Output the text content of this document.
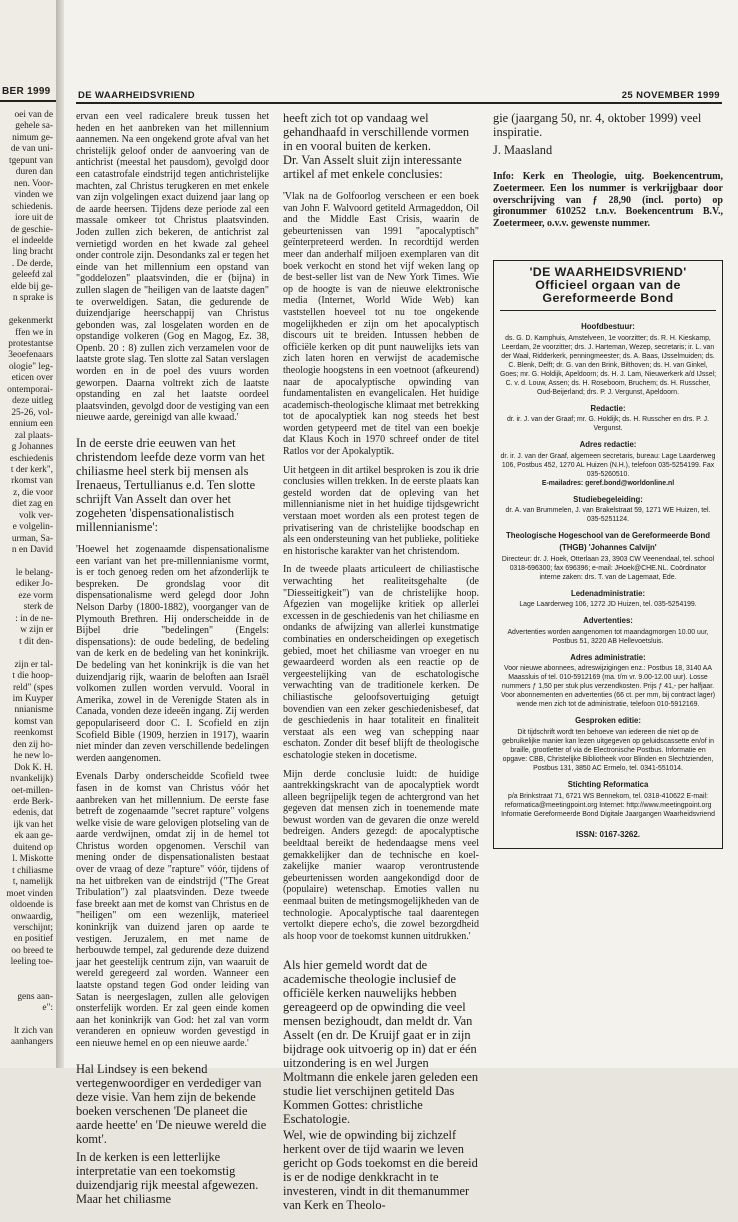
BER 1999
oei van de
gehele sa-
nimum ge-
de van uni-
tgepunt van
duren dan
nen. Voor-
vinden we
schiedenis.
iore uit de
de geschie-
el indeelde
ling bracht
. De derde,
geleefd zal
elde bij ge-
n sprake is
gekenmerkt
ffen we in
protestantse
3eoefenaars
ologie" leg-
eticen over
ontemporai-
deze uitleg
25-26, vol-
ennium een
zal plaats-
g Johannes
eschiedenis
t der kerk",
rkomst van
z, die voor
diet zag en
volk ver-
e volgelin-
urman, Sa-
n en David
le belang-
ediker Jo-
eze vorm
sterk de
: in de ne-
w zijn er
t dit den-
zijn er tal-
t die hoop-
reld" (spes
im Kuyper
nnianisme
komst van
reenkomst
den zij ho-
he new lo-
Dok K. H.
nvankelijk)
oet-millen-
erde Berk-
edenis, dat
ijk van het
ek aan ge-
duitend op
l. Miskotte
t chiliasme
t, namelijk
moet vinden
oldoende is
onwaardig,
verschijnt;
en positief
oo breed te
leeling toe-
gens aan-
e":
lt zich van
aanhangers
DE WAARHEIDSVRIEND	25 NOVEMBER 1999

ervan een veel radicalere breuk tussen het heden en het aanbreken van het millennium aannemen. Na een ongekend grote afval van het christelijk geloof onder de aanvoering van de antichrist (meestal het pausdom), gevolgd door een catastrofale eindstrijd tegen antichristelijke machten, zal Christus terugkeren en met enkele van zijn volgelingen exact duizend jaar lang op de aarde heersen. Tijdens deze periode zal een massale omkeer tot Christus plaatsvinden. Joden zullen zich bekeren, de antichrist zal vernietigd worden en het kwade zal geheel onder controle zijn. Desondanks zal er tegen het einde van het millennium een opstand van "goddelozen" plaatsvinden, die er (bijna) in zullen slagen de "heiligen van de laatste dagen" te overweldigen. Satan, die gedurende de duizendjarige heerschappij van Christus gebonden was, zal losgelaten worden en de opstandige volkeren (Gog en Magog, Ez. 38, Openb. 20 : 8) zullen zich verzamelen voor de laatste grote slag. Ten slotte zal Satan verslagen worden en in de poel des vuurs worden geworpen. Daarna voltrekt zich de laatste opstanding en zal het laatste oordeel plaatsvinden, gevolgd door de vestiging van een nieuwe aarde, gereinigd van alle kwaad.'

In de eerste drie eeuwen van het christendom leefde deze vorm van het chiliasme heel sterk bij mensen als Irenaeus, Tertullianus e.d. Ten slotte schrijft Van Asselt dan over het zogeheten 'dispensationalistisch millennianisme':

'Hoewel het zogenaamde dispensationalisme een variant van het pre-millennianisme vormt, is er toch genoeg reden om het afzonderlijk te bespreken. De grondslag voor dit dispensationalisme werd gelegd door John Nelson Darby (1800-1882), voorganger van de Plymouth Brethren. Hij onderscheidde in de Bijbel drie "bedelingen" (Engels: dispensations): de oude bedeling, de bedeling van de kerk en de bedeling van het koninkrijk. De bedeling van het koninkrijk is die van het duizendjarig rijk, waarin de beloften aan Israël volkomen zullen worden vervuld. Vooral in Amerika, zowel in de Verenigde Staten als in Canada, vonden deze ideeën ingang. Zij werden gepopulariseerd door C. I. Scofield en zijn Scofield Bible (1909, herzien in 1917), waarin niet minder dan zeven verschillende bedelingen werden aangenomen.

Evenals Darby onderscheidde Scofield twee fasen in de komst van Christus vóór het aanbreken van het millennium. De eerste fase betreft de zogenaamde "secret rapture" volgens welke visie de ware gelovigen plotseling van de aarde verdwijnen, omdat zij in de hemel tot Christus worden opgenomen. Verschil van mening onder de dispensationalisten bestaat over de vraag of deze "rapture" vóór, tijdens of na het uitbreken van de eindstrijd ("The Great Tribulation") zal plaatsvinden. Deze tweede fase breekt aan met de komst van Christus en de "heiligen" om een wezenlijk, materieel koninkrijk van duizend jaren op aarde te vestigen. Jeruzalem, en met name de herbouwde tempel, zal gedurende deze duizend jaar het geestelijk centrum zijn, van waaruit de wereld geregeerd zal worden. Wanneer een laatste opstand tegen God onder leiding van Satan is neergeslagen, zullen alle gelovigen onsterfelijk worden. Er zal geen einde komen aan het koninkrijk van God: het zal van vorm veranderen en opnieuw worden gevestigd in een nieuwe hemel en op een nieuwe aarde.'

Hal Lindsey is een bekend vertegenwoordiger en verdediger van deze visie. Van hem zijn de bekende boeken verschenen 'De planeet die aarde heette' en 'De nieuwe wereld die komt'.

In de kerken is een letterlijke interpretatie van een toekomstig duizendjarig rijk meestal afgewezen. Maar het chiliasme

heeft zich tot op vandaag wel gehandhaafd in verschillende vormen in en vooral buiten de kerken.

Dr. Van Asselt sluit zijn interessante artikel af met enkele conclusies:

'Vlak na de Golfoorlog verscheen er een boek van John F. Walvoord getiteld Armageddon, Oil and the Middle East Crisis, waarin de gebeurtenissen van 1991 "apocalyptisch" geïnterpreteerd werden. In recordtijd werden meer dan anderhalf miljoen exemplaren van dit boek verkocht en stond het vijf weken lang op de best-seller list van de New York Times. Wie op de hoogte is van de nieuwe elektronische media (Internet, World Wide Web) kan vaststellen hoeveel tot nu toe ongekende mogelijkheden er zijn om het apocalyptisch discours uit te breiden. Intussen hebben de officiële kerken op dit punt nauwelijks iets van zich laten horen en verwijst de academische theologie hoogstens in een voetnoot (afkeurend) naar de apocalyptische opwinding van fundamentalisten en evangelicalen. Het huidige academisch-theologische klimaat met betrekking tot de apocalyptiek kan nog steeds het best worden getypeerd met de titel van een boekje dat Klaus Koch in 1970 schreef onder de titel Ratlos vor der Apokalyptik.

Uit hetgeen in dit artikel besproken is zou ik drie conclusies willen trekken. In de eerste plaats kan gesteld worden dat de opleving van het millennianisme niet in het huidige tijdsgewricht verstaan moet worden als een protest tegen de privatisering van de christelijke boodschap en als een ondersteuning van het publieke, politieke en historische karakter van het christendom.

In de tweede plaats articuleert de chiliastische verwachting het realiteitsgehalte (de "Diesseitigkeit") van de christelijke hoop. Afgezien van mogelijke kritiek op allerlei excessen in de geschiedenis van het chiliasme en ondanks de afwijzing van allerlei kunstmatige combinaties en onderscheidingen op exegetisch gebied, moet het chiliasme van vroeger en nu gewaardeerd worden als een reactie op de vergeestelijking van de eschatologische verwachting van de traditionele kerken. De chiliastische geloofsovertuiging getuigt bovendien van een zeker geschiedenisbesef, dat de geschiedenis in haar totaliteit en finaliteit verstaat als een weg van schepping naar eschaton. Zonder dit besef blijft de theologische eschatologie steken in docetisme.

Mijn derde conclusie luidt: de huidige aantrekkingskracht van de apocalyptiek wordt alleen begrijpelijk tegen de achtergrond van het gegeven dat mensen zich in toenemende mate bewust worden van de gevaren die onze wereld bedreigen. Anders gezegd: de apocalyptische beeldtaal bereikt de hedendaagse mens veel gemakkelijker dan de technische en koel-zakelijke manier waarop verontrustende gebeurtenissen worden aangekondigd door de (populaire) wetenschap. Emoties vallen nu eenmaal buiten de metingsmogelijkheden van de technologie. Apocalyptische taal daarentegen vertolkt diepere echo's, die zowel bezorgdheid als hoop voor de toekomst kunnen uitdrukken.'

Als hier gemeld wordt dat de academische theologie inclusief de officiële kerken nauwelijks hebben gereageerd op de opwinding die veel mensen bezighoudt, dan meldt dr. Van Asselt (en dr. De Kruijf gaat er in zijn bijdrage ook uitvoerig op in) dat er één uitzondering is en wel Jurgen Moltmann die enkele jaren geleden een studie liet verschijnen getiteld Das Kommen Gottes: christliche Eschatologie.

Wel, wie de opwinding bij zichzelf herkent over de tijd waarin we leven gericht op Gods toekomst en die bereid is er de nodige denkkracht in te investeren, vindt in dit themanummer van Kerk en Theolo-

gie (jaargang 50, nr. 4, oktober 1999) veel inspiratie.

J. Maasland

Info: Kerk en Theologie, uitg. Boekencentrum, Zoetermeer. Een los nummer is verkrijgbaar door overschrijving van ƒ 28,90 (incl. porto) op gironummer 610252 t.n.v. Boekencentrum B.V., Zoetermeer, o.v.v. gewenste nummer.

'DE WAARHEIDSVRIEND'
Officieel orgaan van de
Gereformeerde Bond
Hoofdbestuur:

ds. G. D. Kamphuis, Amstelveen, 1e voorzitter; ds. R. H. Kieskamp, Leerdam, 2e voorzitter; drs. J. Harteman, Wezep, secretaris; ir. L. van der Waal, Ridderkerk, penningmeester; ds. A. Baas, IJsselmuiden; ds. C. Blenk, Delft; dr. G. van den Brink, Bilthoven; ds. H. van Ginkel, Goes; mr. G. Holdijk, Apeldoorn; ds. H. J. Lam, Nieuwerkerk a/d IJssel; C. v. d. Louw, Assen; ds. H. Roseboom, Bruchem; ds. H. Russcher, Oud-Beijerland; drs. P. J. Vergunst, Apeldoorn.

Redactie:

dr. ir. J. van der Graaf; mr. G. Holdijk; ds. H. Russcher en drs. P. J. Vergunst.

Adres redactie:

dr. ir. J. van der Graaf, algemeen secretaris, bureau: Lage Laarderweg 106, Postbus 452, 1270 AL Huizen (N.H.), telefoon 035-5254199. Fax 035-5260510.

E-mailadres: geref.bond@worldonline.nl

Studiebegeleiding:

dr. A. van Brummelen, J. van Brakelstraat 59, 1271 WE Huizen, tel. 035-5251124.

Theologische Hogeschool van de Gereformeerde Bond (THGB) 'Johannes Calvijn'

Directeur: dr. J. Hoek, Otterlaan 23, 3903 CW Veenendaal, tel. school 0318-696300; fax 696396; e-mail: JHoek@CHE.NL. Coördinator interne zaken: drs. T. van de Lagemaat, Ede.

Ledenadministratie:

Lage Laarderweg 106, 1272 JD Huizen, tel. 035-5254199.

Advertenties:

Advertenties worden aangenomen tot maandagmorgen 10.00 uur, Postbus 51, 3220 AB Hellevoetsluis.

Adres administratie:

Voor nieuwe abonnees, adreswijzigingen enz.: Postbus 18, 3140 AA Maassluis of tel. 010-5912169 (ma. t/m vr. 9.00-12.00 uur). Losse nummers ƒ 1,50 per stuk plus verzendkosten. Prijs ƒ 41,- per halfjaar. Voor abonnementen en advertenties (66 ct. per mm, bij contract lager) wende men zich tot de administratie, telefoon 010-5912169.

Gesproken editie:

Dit tijdschrift wordt ten behoeve van iedereen die niet op de gebruikelijke manier kan lezen uitgegeven op geluidscassette en/of in braille, grootletter of via de Electronische Postbus. Informatie en opgave: CBB, Christelijke Bibliotheek voor Blinden en Slechtzienden, Postbus 131, 3850 AC Ermelo, tel. 0341-551014.

Stichting Reformatica

p/a Brinkstraat 71, 6721 WS Bennekom, tel. 0318-410622 E-mail: reformatica@meetingpoint.org Internet: http://www.meetingpoint.org Informatie Gereformeerde Bond Digitale Jaargangen Waarheidsvriend

ISSN: 0167-3262.
